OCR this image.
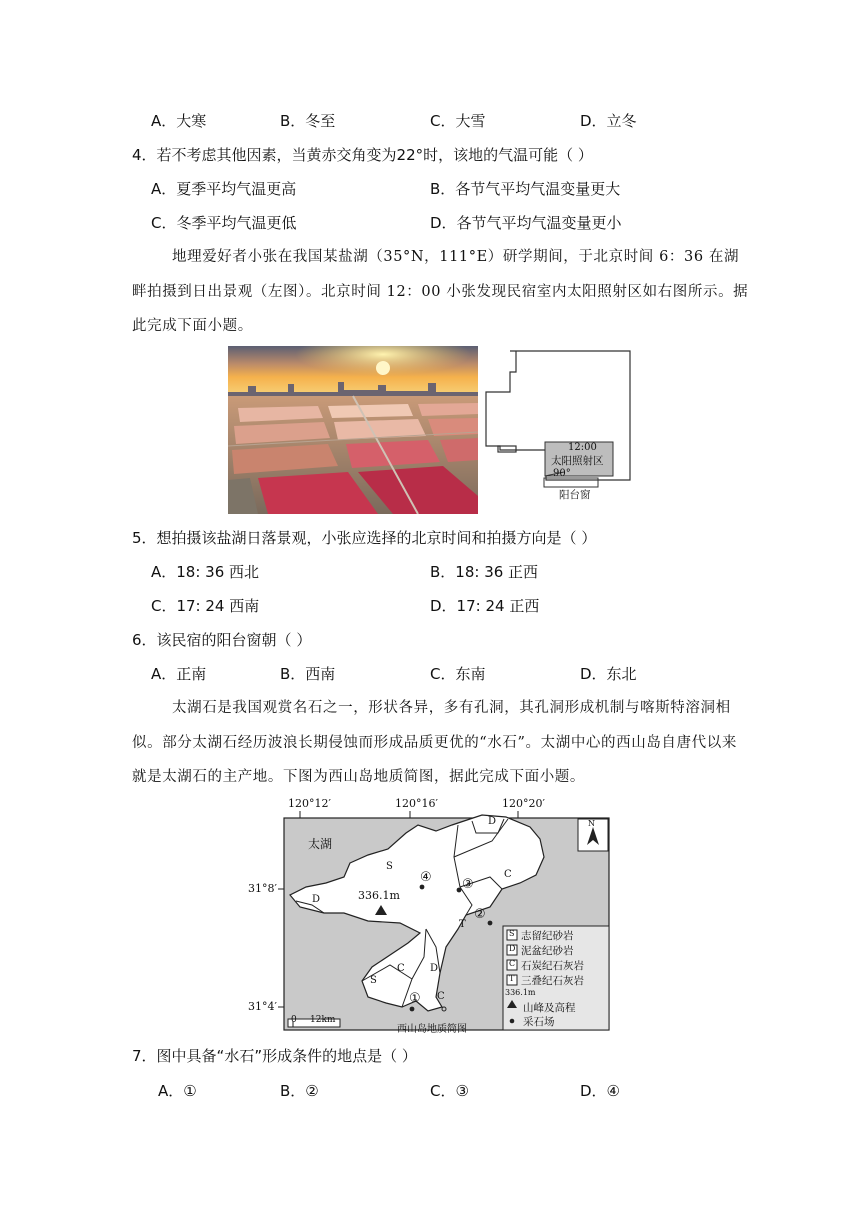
A．大寒	B．冬至	C．大雪	D．立冬
4．若不考虑其他因素，当黄赤交角变为22°时，该地的气温可能（ ）
A．夏季平均气温更高	B．各节气平均气温变量更大
C．冬季平均气温更低	D．各节气平均气温变量更小
地理爱好者小张在我国某盐湖（35°N，111°E）研学期间，于北京时间 6：36 在湖
畔拍摄到日出景观（左图）。北京时间 12：00 小张发现民宿室内太阳照射区如右图所示。据
此完成下面小题。
12:00
太阳照射区
90°
阳台窗
5．想拍摄该盐湖日落景观，小张应选择的北京时间和拍摄方向是（ ）
A．18: 36 西北	B．18: 36 正西
C．17: 24 西南	D．17: 24 正西
6．该民宿的阳台窗朝（ ）
A．正南	B．西南	C．东南	D．东北
太湖石是我国观赏名石之一，形状各异，多有孔洞，其孔洞形成机制与喀斯特溶洞相
似。部分太湖石经历波浪长期侵蚀而形成品质更优的“水石”。太湖中心的西山岛自唐代以来
就是太湖石的主产地。下图为西山岛地质简图，据此完成下面小题。
120°12′	120°16′	120°20′
31°8′
31°4′
太湖
N
336.1m
S
D
C
T
S
C	D
C
D
④ ③
②
①
0 12km
西山岛地质简图
S
D
C
T
志留纪砂岩
泥盆纪砂岩
石炭纪石灰岩
三叠纪石灰岩
336.1m
山峰及高程
采石场
7．图中具备“水石”形成条件的地点是（ ）
A．①	B．②	C．③	D．④
